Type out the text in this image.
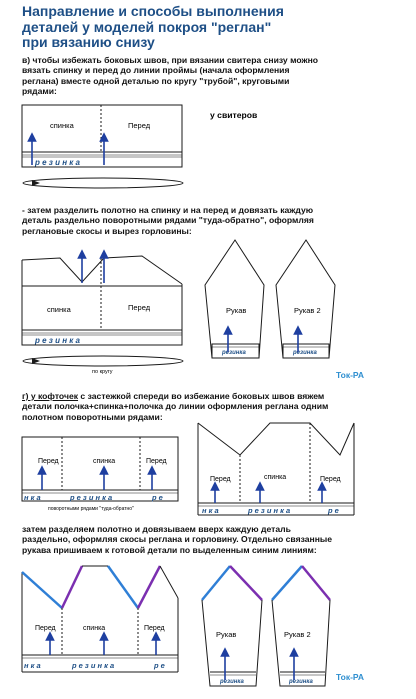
Направление и способы выполнения
деталей у моделей покроя "реглан"
при вязанию снизу
в) чтобы избежать боковых швов, при вязании свитера снизу можно
вязать спинку и перед до линии проймы (начала оформления
реглана) вместе одной деталью по кругу "трубой", круговыми
рядами:
- затем разделить полотно на спинку и на перед и довязать каждую
деталь раздельно поворотными рядами "туда-обратно", оформляя
реглановые скосы и вырез горловины:
г) у кофточек с застежкой спереди во избежание боковых швов вяжем
детали полочка+спинка+полочка до линии оформления реглана одним
полотном поворотными рядами:
затем разделяем полотно и довязываем вверх каждую деталь
раздельно, оформляя скосы реглана и горловину. Отдельно связанные
рукава пришиваем к готовой детали по выделенным синим линиям:
спинка	Перед
р е з и н к а
у свитеров
спинка	Перед
р е з и н к а
по кругу
Рукав
резинка
Рукав 2
резинка
Ток-РА
Перед	спинка	Перед
н к а	р е з и н к а	р е
поворотными рядами "туда-обратно"
Перед	спинка	Перед
н к а	р е з и н к а	р е
Перед	спинка	Перед
н к а	р е з и н к а	р е
Рукав
резинка
Рукав 2
резинка	Ток-РА
